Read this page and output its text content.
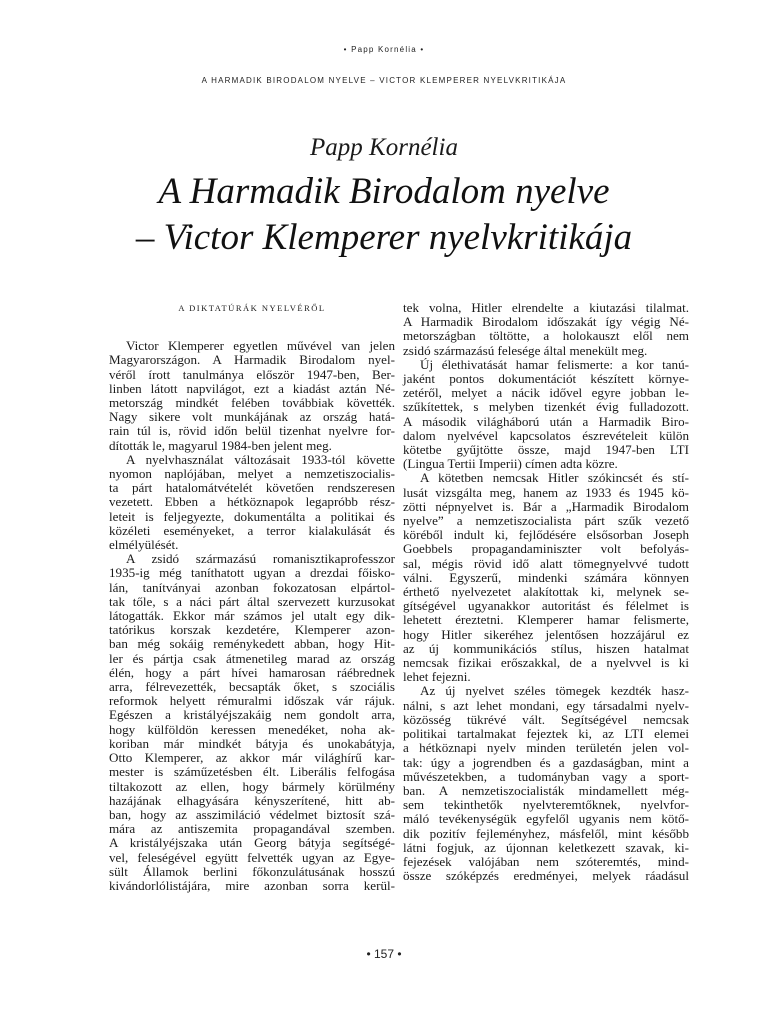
• Papp Kornélia •
A HARMADIK BIRODALOM NYELVE – VICTOR KLEMPERER NYELVKRITIKÁJA
Papp Kornélia
A Harmadik Birodalom nyelve
– Victor Klemperer nyelvkritikája
A DIKTATÚRÁK NYELVÉRŐL
Victor Klemperer egyetlen művével van jelen
Magyarországon. A Harmadik Birodalom nyel-
véről írott tanulmánya először 1947-ben, Ber-
linben látott napvilágot, ezt a kiadást aztán Né-
metország mindkét felében továbbiak követték.
Nagy sikere volt munkájának az ország hatá-
rain túl is, rövid időn belül tizenhat nyelvre for-
dították le, magyarul 1984-ben jelent meg.
A nyelvhasználat változásait 1933-tól követte
nyomon naplójában, melyet a nemzetiszocialis-
ta párt hatalomátvételét követően rendszeresen
vezetett. Ebben a hétköznapok legapróbb rész-
leteit is feljegyezte, dokumentálta a politikai és
közéleti eseményeket, a terror kialakulását és
elmélyülését.
A zsidó származású romanisztikaprofesszor
1935-ig még taníthatott ugyan a drezdai főisko-
lán, tanítványai azonban fokozatosan elpártol-
tak tőle, s a náci párt által szervezett kurzusokat
látogatták. Ekkor már számos jel utalt egy dik-
tatórikus korszak kezdetére, Klemperer azon-
ban még sokáig reménykedett abban, hogy Hit-
ler és pártja csak átmenetileg marad az ország
élén, hogy a párt hívei hamarosan ráébrednek
arra, félrevezették, becsapták őket, s szociális
reformok helyett rémuralmi időszak vár rájuk.
Egészen a kristályéjszakáig nem gondolt arra,
hogy külföldön keressen menedéket, noha ak-
koriban már mindkét bátyja és unokabátyja,
Otto Klemperer, az akkor már világhírű kar-
mester is száműzetésben élt. Liberális felfogása
tiltakozott az ellen, hogy bármely körülmény
hazájának elhagyására kényszerítené, hitt ab-
ban, hogy az asszimiláció védelmet biztosít szá-
mára az antiszemita propagandával szemben.
A kristályéjszaka után Georg bátyja segítségé-
vel, feleségével együtt felvették ugyan az Egye-
sült Államok berlini főkonzulátusának hosszú
kivándorlólistájára, mire azonban sorra kerül-
tek volna, Hitler elrendelte a kiutazási tilalmat.
A Harmadik Birodalom időszakát így végig Né-
metországban töltötte, a holokauszt elől nem
zsidó származású felesége által menekült meg.
Új élethivatását hamar felismerte: a kor tanú-
jaként pontos dokumentációt készített környe-
zetéről, melyet a nácik idővel egyre jobban le-
szűkítettek, s melyben tizenkét évig fulladozott.
A második világháború után a Harmadik Biro-
dalom nyelvével kapcsolatos észrevételeit külön
kötetbe gyűjtötte össze, majd 1947-ben LTI
(Lingua Tertii Imperii) címen adta közre.
A kötetben nemcsak Hitler szókincsét és stí-
lusát vizsgálta meg, hanem az 1933 és 1945 kö-
zötti népnyelvet is. Bár a „Harmadik Birodalom
nyelve” a nemzetiszocialista párt szűk vezető
köréből indult ki, fejlődésére elsősorban Joseph
Goebbels propagandaminiszter volt befolyás-
sal, mégis rövid idő alatt tömegnyelvvé tudott
válni. Egyszerű, mindenki számára könnyen
érthető nyelvezetet alakítottak ki, melynek se-
gítségével ugyanakkor autoritást és félelmet is
lehetett éreztetni. Klemperer hamar felismerte,
hogy Hitler sikeréhez jelentősen hozzájárul ez
az új kommunikációs stílus, hiszen hatalmat
nemcsak fizikai erőszakkal, de a nyelvvel is ki
lehet fejezni.
Az új nyelvet széles tömegek kezdték hasz-
nálni, s azt lehet mondani, egy társadalmi nyelv-
közösség tükrévé vált. Segítségével nemcsak
politikai tartalmakat fejeztek ki, az LTI elemei
a hétköznapi nyelv minden területén jelen vol-
tak: úgy a jogrendben és a gazdaságban, mint a
művészetekben, a tudományban vagy a sport-
ban. A nemzetiszocialisták mindamellett még-
sem tekinthetők nyelvteremtőknek, nyelvfor-
máló tevékenységük egyfelől ugyanis nem kötő-
dik pozitív fejleményhez, másfelől, mint később
látni fogjuk, az újonnan keletkezett szavak, ki-
fejezések valójában nem szóteremtés, mind-
össze szóképzés eredményei, melyek ráadásul
• 157 •
